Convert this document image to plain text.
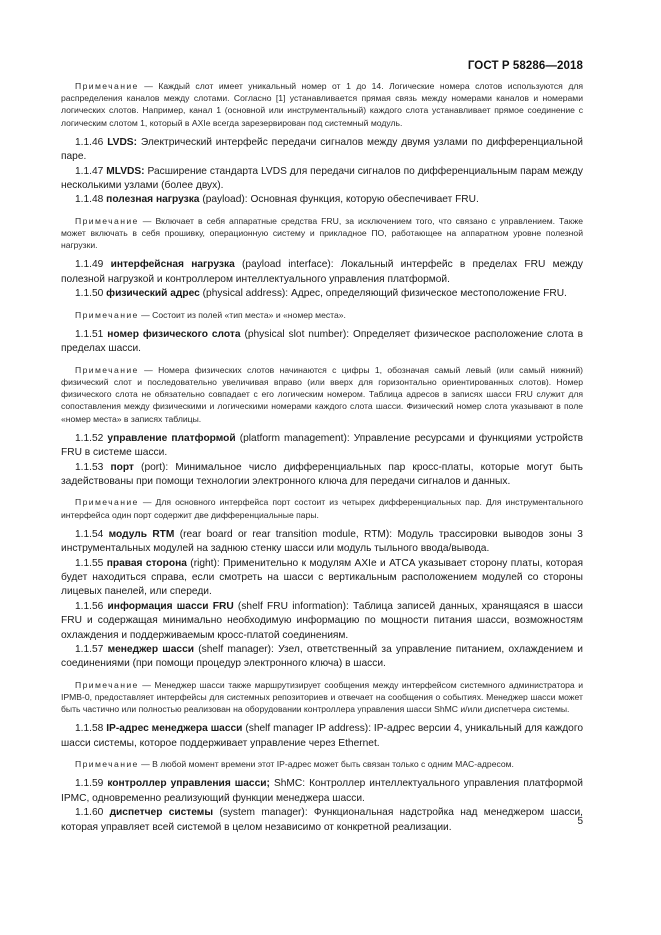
ГОСТ Р 58286—2018

Примечание — Каждый слот имеет уникальный номер от 1 до 14. Логические номера слотов используются для распределения каналов между слотами. Согласно [1] устанавливается прямая связь между номерами каналов и номерами логических слотов. Например, канал 1 (основной или инструментальный) каждого слота устанавливает прямое соединение с логическим слотом 1, который в AXIe всегда зарезервирован под системный модуль.

1.1.46 LVDS: Электрический интерфейс передачи сигналов между двумя узлами по дифференциальной паре.

1.1.47 MLVDS: Расширение стандарта LVDS для передачи сигналов по дифференциальным парам между несколькими узлами (более двух).

1.1.48 полезная нагрузка (payload): Основная функция, которую обеспечивает FRU.

Примечание — Включает в себя аппаратные средства FRU, за исключением того, что связано с управлением. Также может включать в себя прошивку, операционную систему и прикладное ПО, работающее на аппаратном уровне полезной нагрузки.

1.1.49 интерфейсная нагрузка (payload interface): Локальный интерфейс в пределах FRU между полезной нагрузкой и контроллером интеллектуального управления платформой.

1.1.50 физический адрес (physical address): Адрес, определяющий физическое местоположение FRU.

Примечание — Состоит из полей «тип места» и «номер места».

1.1.51 номер физического слота (physical slot number): Определяет физическое расположение слота в пределах шасси.

Примечание — Номера физических слотов начинаются с цифры 1, обозначая самый левый (или самый нижний) физический слот и последовательно увеличивая вправо (или вверх для горизонтально ориентированных слотов). Номер физического слота не обязательно совпадает с его логическим номером. Таблица адресов в записях шасси FRU служит для сопоставления между физическими и логическими номерами каждого слота шасси. Физический номер слота указывают в поле «номер места» в записях таблицы.

1.1.52 управление платформой (platform management): Управление ресурсами и функциями устройств FRU в системе шасси.

1.1.53 порт (port): Минимальное число дифференциальных пар кросс-платы, которые могут быть задействованы при помощи технологии электронного ключа для передачи сигналов и данных.

Примечание — Для основного интерфейса порт состоит из четырех дифференциальных пар. Для инструментального интерфейса один порт содержит две дифференциальные пары.

1.1.54 модуль RTM (rear board or rear transition module, RTM): Модуль трассировки выводов зоны 3 инструментальных модулей на заднюю стенку шасси или модуль тыльного ввода/вывода.

1.1.55 правая сторона (right): Применительно к модулям AXIe и ATCA указывает сторону платы, которая будет находиться справа, если смотреть на шасси с вертикальным расположением модулей со стороны лицевых панелей, или спереди.

1.1.56 информация шасси FRU (shelf FRU information): Таблица записей данных, хранящаяся в шасси FRU и содержащая минимально необходимую информацию по мощности питания шасси, возможностям охлаждения и поддерживаемым кросс-платой соединениям.

1.1.57 менеджер шасси (shelf manager): Узел, ответственный за управление питанием, охлаждением и соединениями (при помощи процедур электронного ключа) в шасси.

Примечание — Менеджер шасси также маршрутизирует сообщения между интерфейсом системного администратора и IPMB-0, предоставляет интерфейсы для системных репозиториев и отвечает на сообщения о событиях. Менеджер шасси может быть частично или полностью реализован на оборудовании контроллера управления шасси ShMC и/или диспетчера системы.

1.1.58 IP-адрес менеджера шасси (shelf manager IP address): IP-адрес версии 4, уникальный для каждого шасси системы, которое поддерживает управление через Ethernet.

Примечание — В любой момент времени этот IP-адрес может быть связан только с одним MAC-адресом.

1.1.59 контроллер управления шасси; ShMC: Контроллер интеллектуального управления платформой IPMC, одновременно реализующий функции менеджера шасси.

1.1.60 диспетчер системы (system manager): Функциональная надстройка над менеджером шасси, которая управляет всей системой в целом независимо от конкретной реализации.

5
